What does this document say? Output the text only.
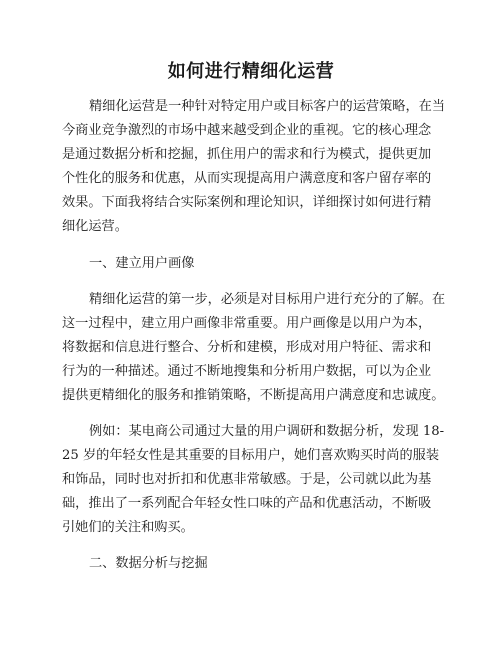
如何进行精细化运营
精细化运营是一种针对特定用户或目标客户的运营策略，在当
今商业竞争激烈的市场中越来越受到企业的重视。它的核心理念
是通过数据分析和挖掘，抓住用户的需求和行为模式，提供更加
个性化的服务和优惠，从而实现提高用户满意度和客户留存率的
效果。下面我将结合实际案例和理论知识，详细探讨如何进行精
细化运营。
一、建立用户画像
精细化运营的第一步，必须是对目标用户进行充分的了解。在
这一过程中，建立用户画像非常重要。用户画像是以用户为本，
将数据和信息进行整合、分析和建模，形成对用户特征、需求和
行为的一种描述。通过不断地搜集和分析用户数据，可以为企业
提供更精细化的服务和推销策略，不断提高用户满意度和忠诚度。
例如：某电商公司通过大量的用户调研和数据分析，发现 18-
25 岁的年轻女性是其重要的目标用户，她们喜欢购买时尚的服装
和饰品，同时也对折扣和优惠非常敏感。于是，公司就以此为基
础，推出了一系列配合年轻女性口味的产品和优惠活动，不断吸
引她们的关注和购买。
二、数据分析与挖掘
